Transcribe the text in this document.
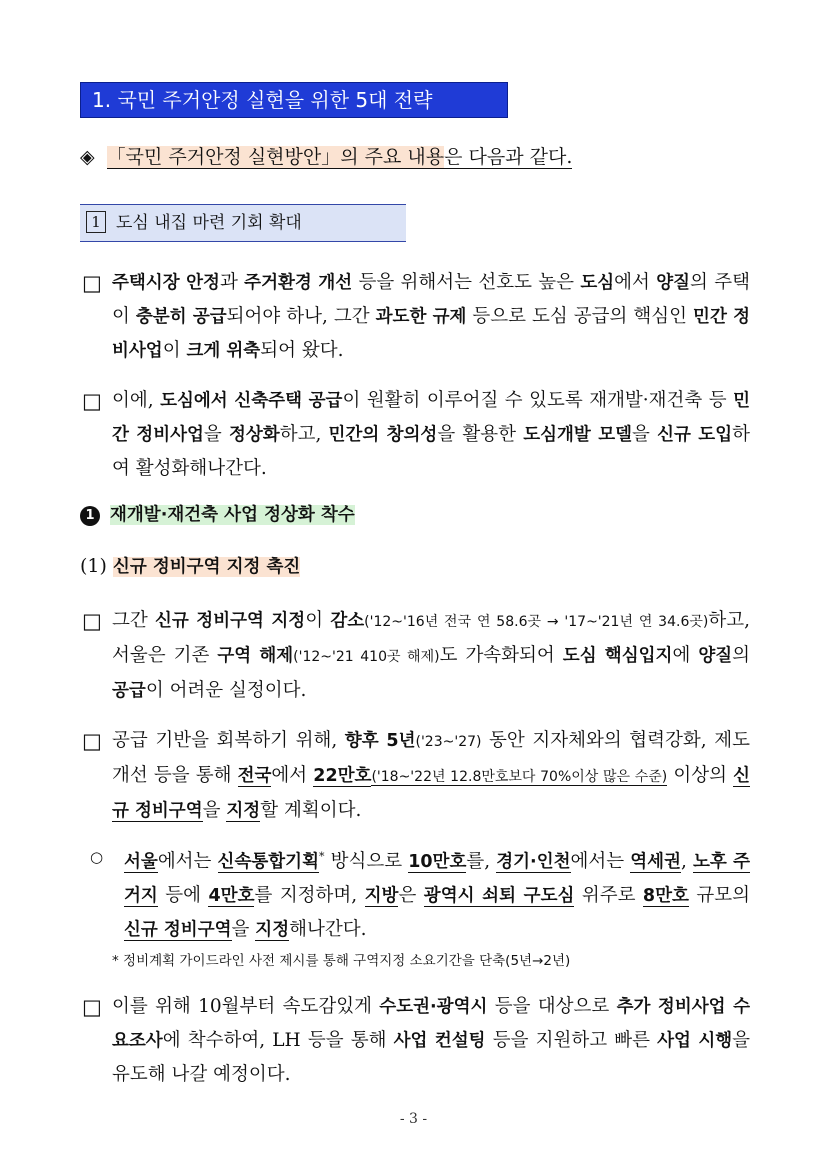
1. 국민 주거안정 실현을 위한 5대 전략
◈ 「국민 주거안정 실현방안」의 주요 내용은 다음과 같다.
1 도심 내집 마련 기회 확대
□ 주택시장 안정과 주거환경 개선 등을 위해서는 선호도 높은 도심에서 양질의 주택이 충분히 공급되어야 하나, 그간 과도한 규제 등으로 도심 공급의 핵심인 민간 정비사업이 크게 위축되어 왔다.
□ 이에, 도심에서 신축주택 공급이 원활히 이루어질 수 있도록 재개발·재건축 등 민간 정비사업을 정상화하고, 민간의 창의성을 활용한 도심개발 모델을 신규 도입하여 활성화해나간다.
1 재개발·재건축 사업 정상화 착수
(1) 신규 정비구역 지정 촉진
□ 그간 신규 정비구역 지정이 감소('12~'16년 전국 연 58.6곳 → '17~'21년 연 34.6곳)하고, 서울은 기존 구역 해제('12~'21 410곳 해제)도 가속화되어 도심 핵심입지에 양질의 공급이 어려운 실정이다.
□ 공급 기반을 회복하기 위해, 향후 5년('23~'27) 동안 지자체와의 협력강화, 제도개선 등을 통해 전국에서 22만호('18~'22년 12.8만호보다 70%이상 많은 수준) 이상의 신규 정비구역을 지정할 계획이다.
○	서울에서는 신속통합기획* 방식으로 10만호를, 경기·인천에서는 역세권, 노후 주거지 등에 4만호를 지정하며, 지방은 광역시 쇠퇴 구도심 위주로 8만호 규모의 신규 정비구역을 지정해나간다.
* 정비계획 가이드라인 사전 제시를 통해 구역지정 소요기간을 단축(5년→2년)
□ 이를 위해 10월부터 속도감있게 수도권·광역시 등을 대상으로 추가 정비사업 수요조사에 착수하여, LH 등을 통해 사업 컨설팅 등을 지원하고 빠른 사업 시행을 유도해 나갈 예정이다.
- 3 -
